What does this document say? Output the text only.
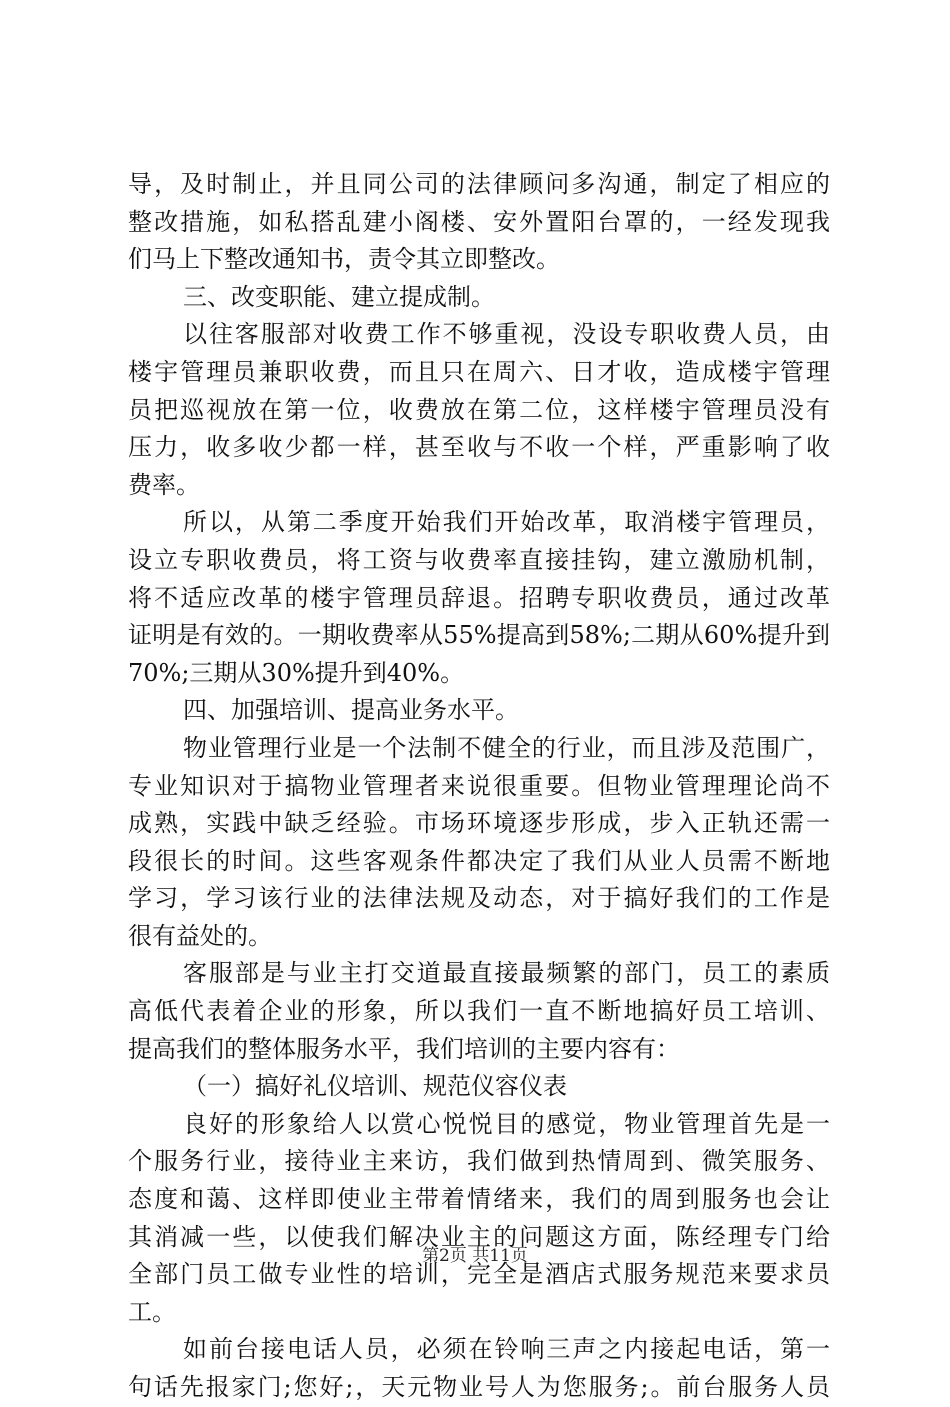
导，及时制止，并且同公司的法律顾问多沟通，制定了相应的
整改措施，如私搭乱建小阁楼、安外置阳台罩的，一经发现我
们马上下整改通知书，责令其立即整改。
三、改变职能、建立提成制。
以往客服部对收费工作不够重视，没设专职收费人员，由
楼宇管理员兼职收费，而且只在周六、日才收，造成楼宇管理
员把巡视放在第一位，收费放在第二位，这样楼宇管理员没有
压力，收多收少都一样，甚至收与不收一个样，严重影响了收
费率。
所以，从第二季度开始我们开始改革，取消楼宇管理员，
设立专职收费员，将工资与收费率直接挂钩，建立激励机制，
将不适应改革的楼宇管理员辞退。招聘专职收费员，通过改革
证明是有效的。一期收费率从55%提高到58%;二期从60%提升到
70%;三期从30%提升到40%。
四、加强培训、提高业务水平。
物业管理行业是一个法制不健全的行业，而且涉及范围广，
专业知识对于搞物业管理者来说很重要。但物业管理理论尚不
成熟，实践中缺乏经验。市场环境逐步形成，步入正轨还需一
段很长的时间。这些客观条件都决定了我们从业人员需不断地
学习，学习该行业的法律法规及动态，对于搞好我们的工作是
很有益处的。
客服部是与业主打交道最直接最频繁的部门，员工的素质
高低代表着企业的形象，所以我们一直不断地搞好员工培训、
提高我们的整体服务水平，我们培训的主要内容有：
（一）搞好礼仪培训、规范仪容仪表
良好的形象给人以赏心悦悦目的感觉，物业管理首先是一
个服务行业，接待业主来访，我们做到热情周到、微笑服务、
态度和蔼、这样即使业主带着情绪来，我们的周到服务也会让
其消减一些，以使我们解决业主的问题这方面，陈经理专门给
全部门员工做专业性的培训，完全是酒店式服务规范来要求员
工。
如前台接电话人员，必须在铃响三声之内接起电话，第一
句话先报家门;您好;，天元物业号人为您服务;。前台服务人员
第2页 共11页
